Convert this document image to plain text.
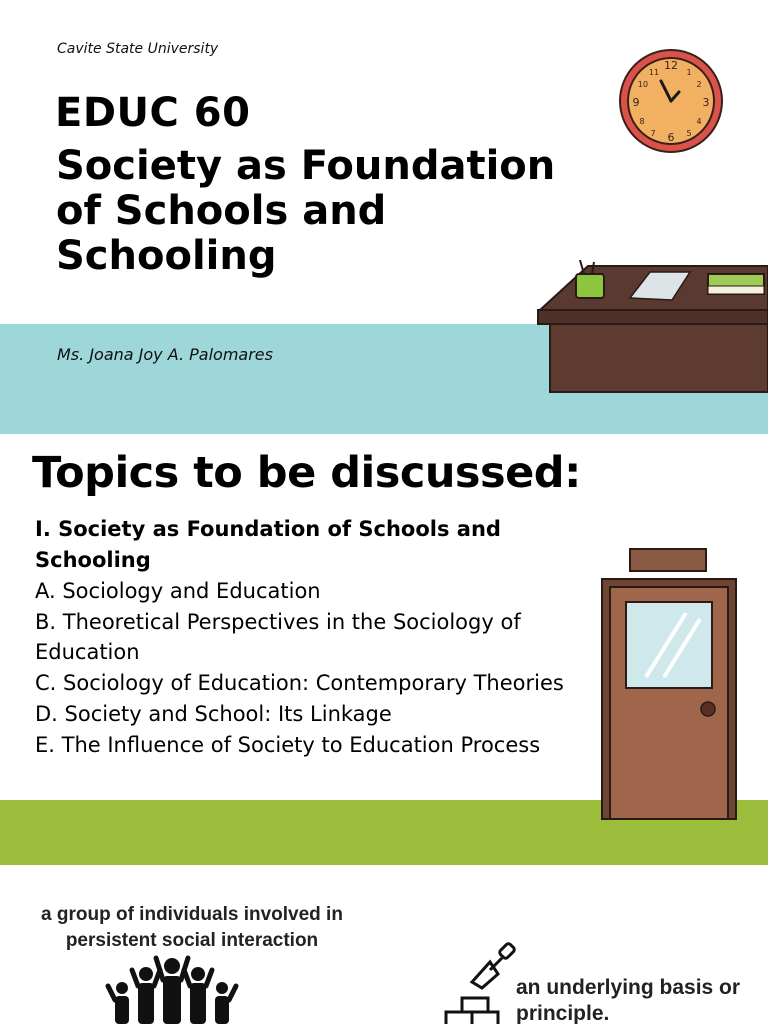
Cavite State University
EDUC 60
Society as Foundation of Schools and Schooling
Ms. Joana Joy A. Palomares
12
1
2
3
4
5
6
7
8
9
10
11
Topics to be discussed:
I. Society as Foundation of Schools and Schooling
A. Sociology and Education
B. Theoretical Perspectives in the Sociology of Education
C. Sociology of Education: Contemporary Theories
D. Society and School: Its Linkage
E. The Influence of Society to Education Process
a group of individuals involved in persistent social interaction
an underlying basis or principle.
